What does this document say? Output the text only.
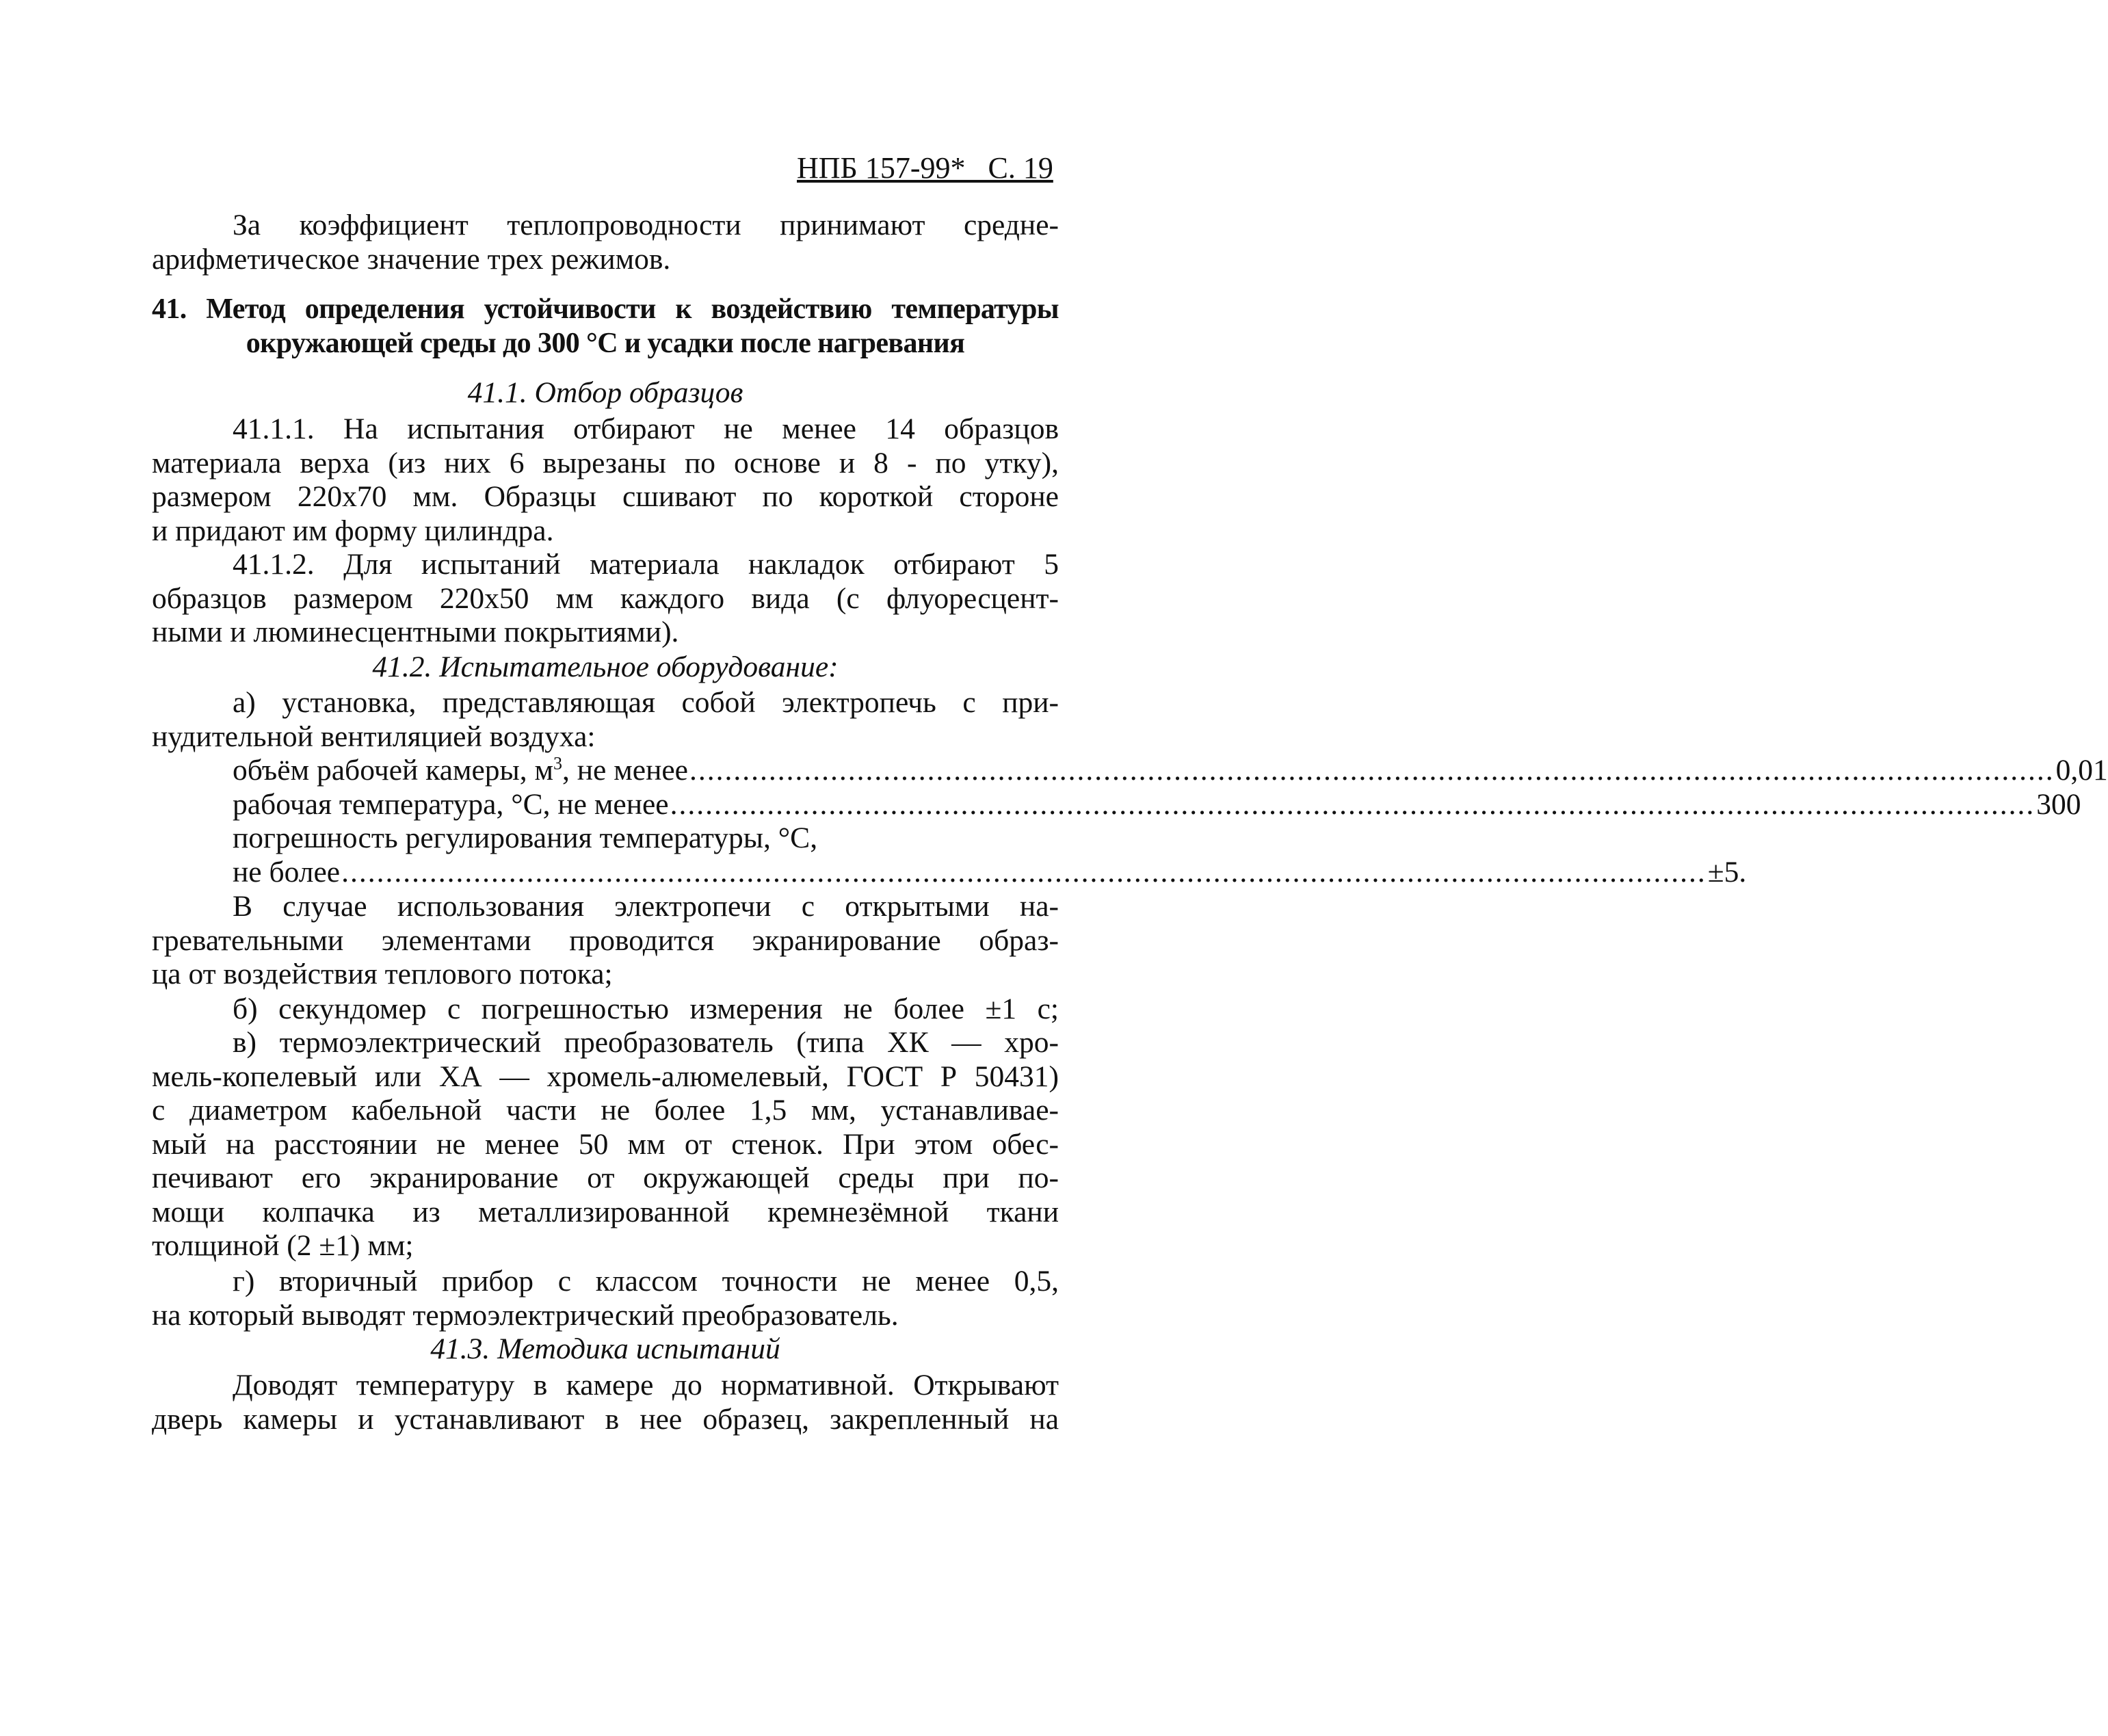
НПБ 157-99*   С. 19
За коэффициент теплопроводности принимают средне-
арифметическое значение трех режимов.
41. Метод определения устойчивости к воздействию температуры
окружающей среды до 300 °С и усадки после нагревания
41.1. Отбор образцов
41.1.1. На испытания отбирают не менее 14 образцов
материала верха (из них 6 вырезаны по основе и 8 - по утку),
размером 220х70 мм. Образцы сшивают по короткой стороне
и придают им форму цилиндра.
41.1.2. Для испытаний материала накладок отбирают 5
образцов размером 220х50 мм каждого вида (с флуоресцент-
ными и люминесцентными покрытиями).
41.2. Испытательное оборудование:
а) установка, представляющая собой электропечь с при-
нудительной вентиляцией воздуха:
объём рабочей камеры, $м^3$, не менее ........................................................................................................................................................... 0,01
рабочая температура, °С, не менее ........................................................................................................................................................... 300
погрешность регулирования температуры, °С,
не более ........................................................................................................................................................... ±5.
В случае использования электропечи с открытыми на-
гревательными элементами проводится экранирование образ-
ца от воздействия теплового потока;
б) секундомер с погрешностью измерения не более ±1 с;
в) термоэлектрический преобразователь (типа ХК — хро-
мель-копелевый или ХА — хромель-алюмелевый, ГОСТ Р 50431)
с диаметром кабельной части не более 1,5 мм, устанавливае-
мый на расстоянии не менее 50 мм от стенок. При этом обес-
печивают его экранирование от окружающей среды при по-
мощи колпачка из металлизированной кремнезёмной ткани
толщиной (2 ±1) мм;
г) вторичный прибор с классом точности не менее 0,5,
на который выводят термоэлектрический преобразователь.
41.3. Методика испытаний
Доводят температуру в камере до нормативной. Открывают
дверь камеры и устанавливают в нее образец, закрепленный на
